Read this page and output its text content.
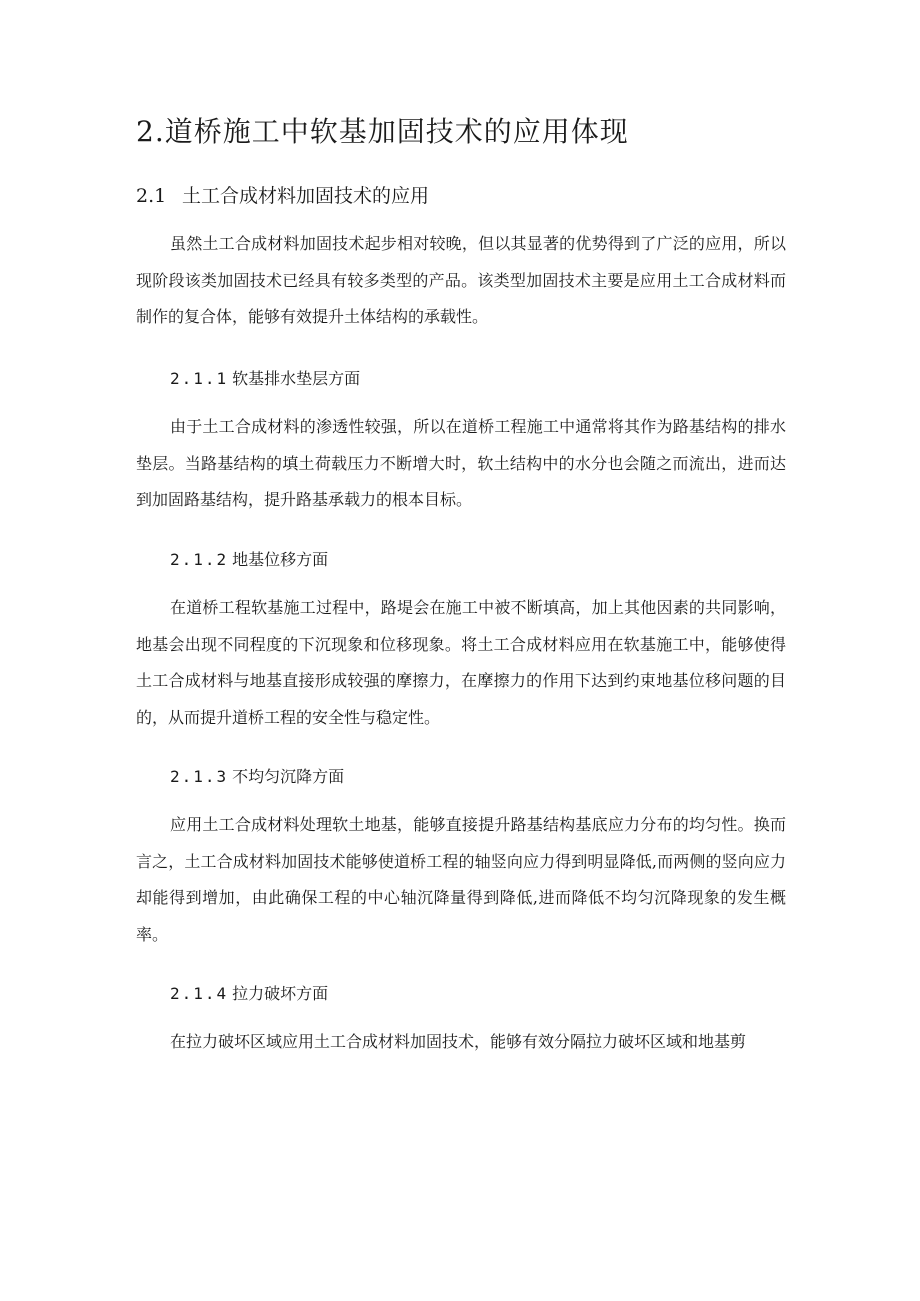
2.道桥施工中软基加固技术的应用体现
2.1 土工合成材料加固技术的应用

虽然土工合成材料加固技术起步相对较晚，但以其显著的优势得到了广泛的应用，所以现阶段该类加固技术已经具有较多类型的产品。该类型加固技术主要是应用土工合成材料而制作的复合体，能够有效提升土体结构的承载性。

2.1.1 软基排水垫层方面

由于土工合成材料的渗透性较强，所以在道桥工程施工中通常将其作为路基结构的排水垫层。当路基结构的填土荷载压力不断增大时，软土结构中的水分也会随之而流出，进而达到加固路基结构，提升路基承载力的根本目标。

2.1.2 地基位移方面

在道桥工程软基施工过程中，路堤会在施工中被不断填高，加上其他因素的共同影响，地基会出现不同程度的下沉现象和位移现象。将土工合成材料应用在软基施工中，能够使得土工合成材料与地基直接形成较强的摩擦力，在摩擦力的作用下达到约束地基位移问题的目的，从而提升道桥工程的安全性与稳定性。

2.1.3 不均匀沉降方面

应用土工合成材料处理软土地基，能够直接提升路基结构基底应力分布的均匀性。换而言之，土工合成材料加固技术能够使道桥工程的轴竖向应力得到明显降低,而两侧的竖向应力却能得到增加，由此确保工程的中心轴沉降量得到降低,进而降低不均匀沉降现象的发生概率。

2.1.4 拉力破坏方面

在拉力破坏区域应用土工合成材料加固技术，能够有效分隔拉力破坏区域和地基剪
